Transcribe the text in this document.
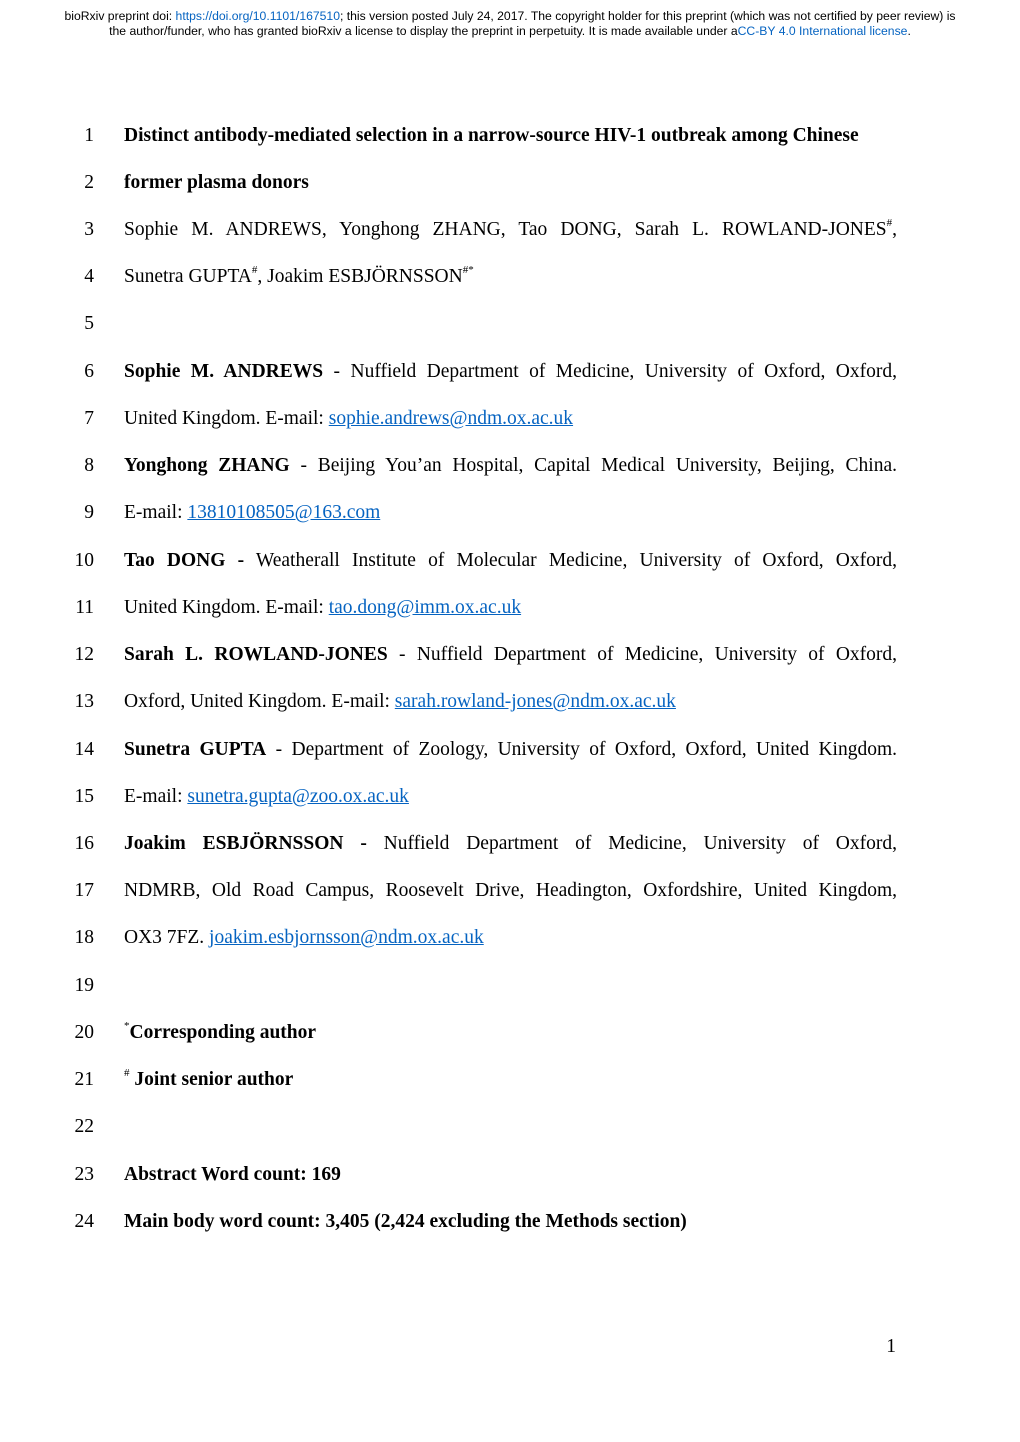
bioRxiv preprint doi: https://doi.org/10.1101/167510; this version posted July 24, 2017. The copyright holder for this preprint (which was not certified by peer review) is the author/funder, who has granted bioRxiv a license to display the preprint in perpetuity. It is made available under aCC-BY 4.0 International license.
1 Distinct antibody-mediated selection in a narrow-source HIV-1 outbreak among Chinese
2 former plasma donors
3 Sophie M. ANDREWS, Yonghong ZHANG, Tao DONG, Sarah L. ROWLAND-JONES#,
4 Sunetra GUPTA#, Joakim ESBJÖRNSSON#*
5
6 Sophie M. ANDREWS - Nuffield Department of Medicine, University of Oxford, Oxford,
7 United Kingdom. E-mail: sophie.andrews@ndm.ox.ac.uk
8 Yonghong ZHANG - Beijing You’an Hospital, Capital Medical University, Beijing, China.
9 E-mail: 13810108505@163.com
10 Tao DONG - Weatherall Institute of Molecular Medicine, University of Oxford, Oxford,
11 United Kingdom. E-mail: tao.dong@imm.ox.ac.uk
12 Sarah L. ROWLAND-JONES - Nuffield Department of Medicine, University of Oxford,
13 Oxford, United Kingdom. E-mail: sarah.rowland-jones@ndm.ox.ac.uk
14 Sunetra GUPTA - Department of Zoology, University of Oxford, Oxford, United Kingdom.
15 E-mail: sunetra.gupta@zoo.ox.ac.uk
16 Joakim ESBJÖRNSSON - Nuffield Department of Medicine, University of Oxford,
17 NDMRB, Old Road Campus, Roosevelt Drive, Headington, Oxfordshire, United Kingdom,
18 OX3 7FZ. joakim.esbjornsson@ndm.ox.ac.uk
19
20	*Corresponding author
21	# Joint senior author
22
23 Abstract Word count: 169
24 Main body word count: 3,405 (2,424 excluding the Methods section)
1
